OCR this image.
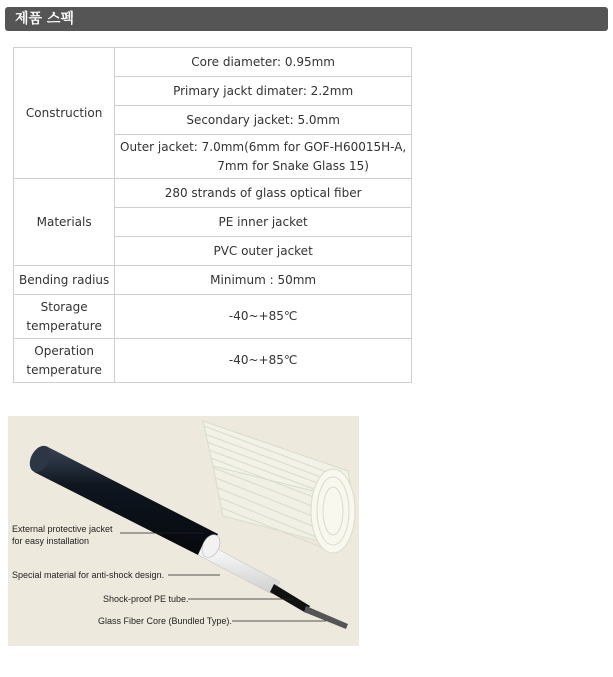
제품 스펙
Construction	Core diameter: 0.95mm
	Primary jackt dimater: 2.2mm
	Secondary jacket: 5.0mm

	Outer jacket: 7.0mm(6mm for GOF-H60015H-A,
7mm for Snake Glass 15)

Materials	280 strands of glass optical fiber
	PE inner jacket
	PVC outer jacket
Bending radius	Minimum : 50mm

Storage
temperature	-40~+85℃

Operation
temperature	-40~+85℃
External protective jacket
for easy installation
Special material for anti-shock design.
Shock-proof PE tube.
Glass Fiber Core (Bundled Type).
